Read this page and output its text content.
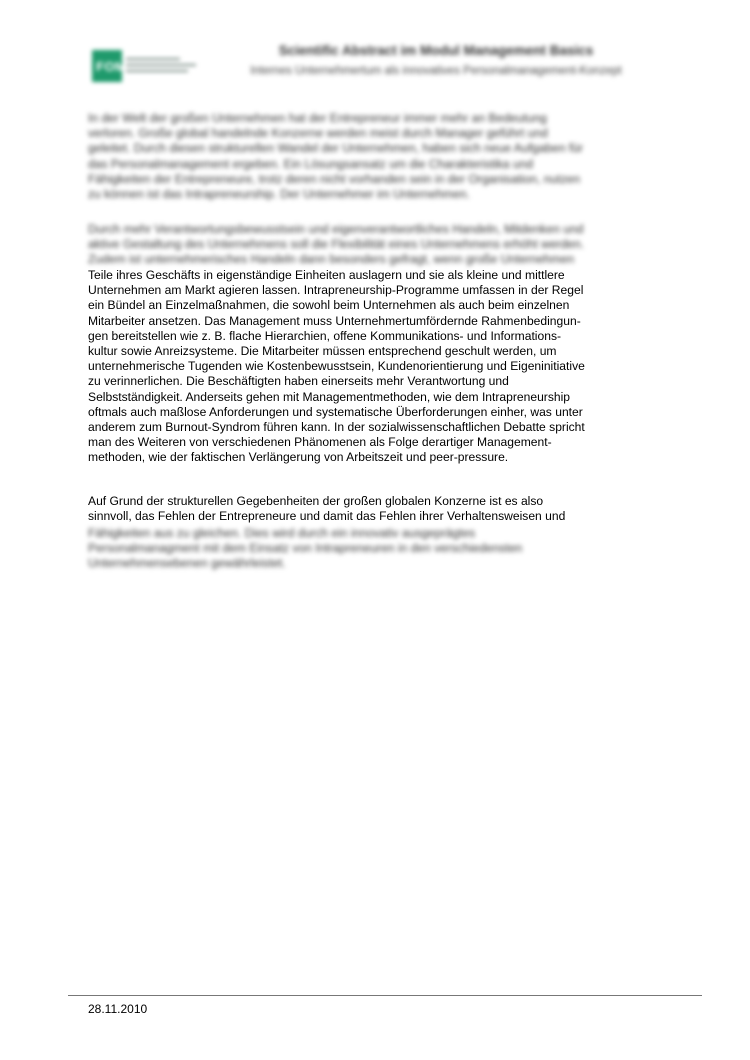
FOM
Scientific Abstract im Modul Management Basics
Internes Unternehmertum als innovatives Personalmanagement-Konzept

In der Welt der großen Unternehmen hat der Entrepreneur immer mehr an Bedeutung
verloren. Große global handelnde Konzerne werden meist durch Manager geführt und
geleitet. Durch diesen strukturellen Wandel der Unternehmen, haben sich neue Aufgaben für
das Personalmanagement ergeben. Ein Lösungsansatz um die Charakteristika und
Fähigkeiten der Entrepreneure, trotz deren nicht vorhanden sein in der Organisation, nutzen
zu können ist das Intrapreneurship. Der Unternehmer im Unternehmen.

Durch mehr Verantwortungsbewusstsein und eigenverantwortliches Handeln, Mitdenken und
aktive Gestaltung des Unternehmens soll die Flexibilität eines Unternehmens erhöht werden.
Zudem ist unternehmerisches Handeln dann besonders gefragt, wenn große Unternehmen

Teile ihres Geschäfts in eigenständige Einheiten auslagern und sie als kleine und mittlere
Unternehmen am Markt agieren lassen. Intrapreneurship-Programme umfassen in der Regel
ein Bündel an Einzelmaßnahmen, die sowohl beim Unternehmen als auch beim einzelnen
Mitarbeiter ansetzen. Das Management muss Unternehmertumfördernde Rahmenbedingun-
gen bereitstellen wie z. B. flache Hierarchien, offene Kommunikations- und Informations-
kultur sowie Anreizsysteme. Die Mitarbeiter müssen entsprechend geschult werden, um
unternehmerische Tugenden wie Kostenbewusstsein, Kundenorientierung und Eigeninitiative
zu verinnerlichen. Die Beschäftigten haben einerseits mehr Verantwortung und
Selbstständigkeit. Anderseits gehen mit Managementmethoden, wie dem Intrapreneurship
oftmals auch maßlose Anforderungen und systematische Überforderungen einher, was unter
anderem zum Burnout-Syndrom führen kann. In der sozialwissenschaftlichen Debatte spricht
man des Weiteren von verschiedenen Phänomenen als Folge derartiger Management-
methoden, wie der faktischen Verlängerung von Arbeitszeit und peer-pressure.

Auf Grund der strukturellen Gegebenheiten der großen globalen Konzerne ist es also
sinnvoll, das Fehlen der Entrepreneure und damit das Fehlen ihrer Verhaltensweisen und

Fähigkeiten aus zu gleichen. Dies wird durch ein innovativ ausgeprägtes
Personalmanagment mit dem Einsatz von Intrapreneuren in den verschiedensten
Unternehmensebenen gewährleistet.

28.11.2010
